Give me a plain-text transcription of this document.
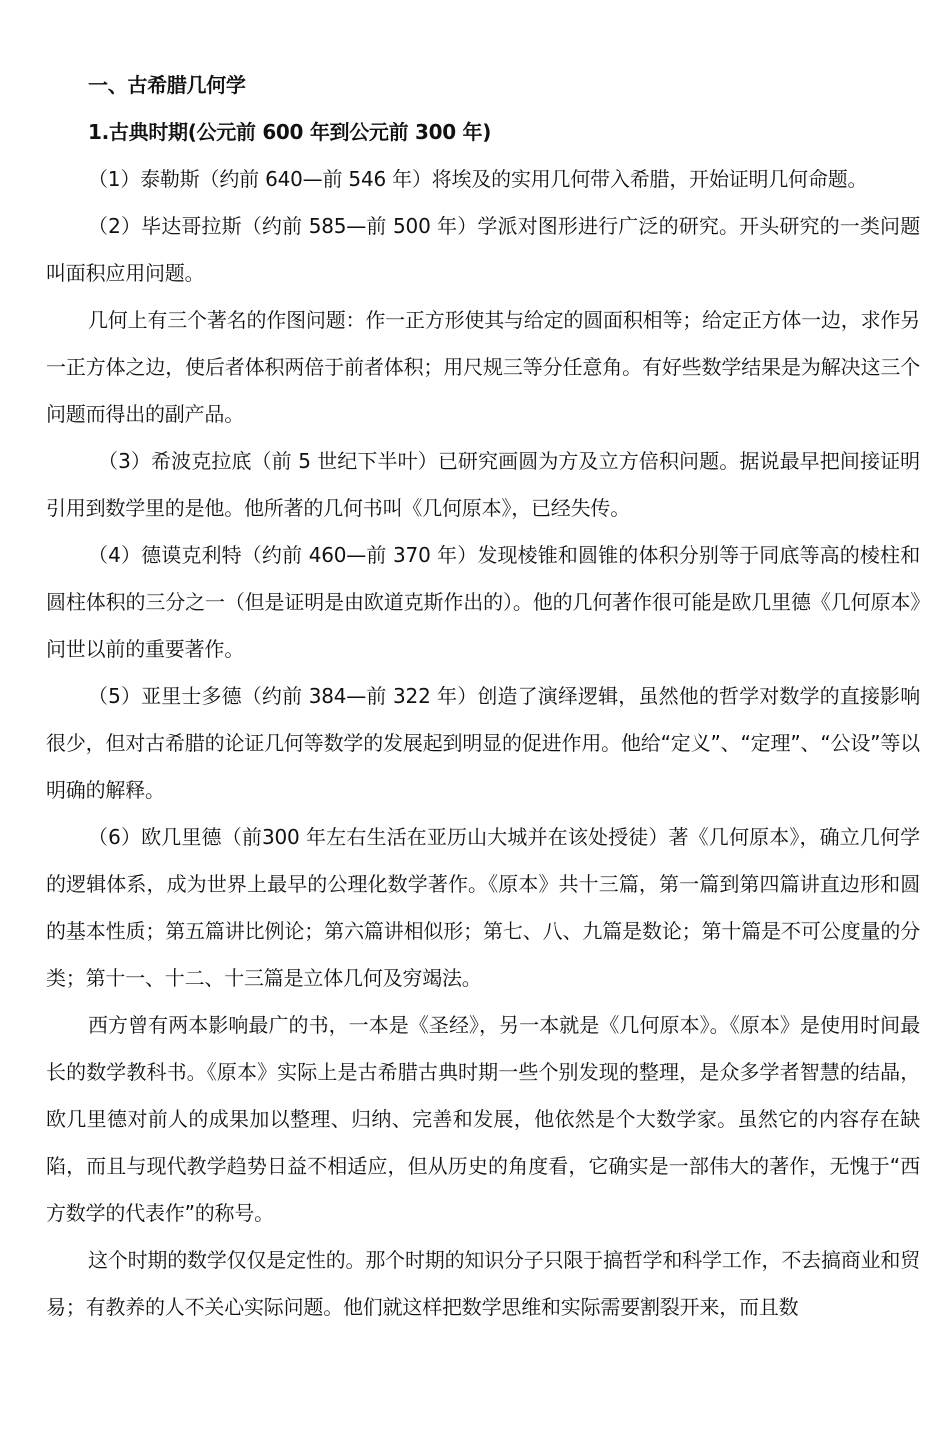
一、古希腊几何学
1.古典时期(公元前 600 年到公元前 300 年)

（1）泰勒斯（约前 640—前 546 年）将埃及的实用几何带入希腊，开始证明几何命题。

（2）毕达哥拉斯（约前 585—前 500 年）学派对图形进行广泛的研究。开头研究的一类问题叫面积应用问题。

几何上有三个著名的作图问题：作一正方形使其与给定的圆面积相等；给定正方体一边，求作另一正方体之边，使后者体积两倍于前者体积；用尺规三等分任意角。有好些数学结果是为解决这三个问题而得出的副产品。

（3）希波克拉底（前 5 世纪下半叶）已研究画圆为方及立方倍积问题。据说最早把间接证明引用到数学里的是他。他所著的几何书叫《几何原本》，已经失传。

（4）德谟克利特（约前 460—前 370 年）发现棱锥和圆锥的体积分别等于同底等高的棱柱和圆柱体积的三分之一（但是证明是由欧道克斯作出的）。他的几何著作很可能是欧几里德《几何原本》问世以前的重要著作。

（5）亚里士多德（约前 384—前 322 年）创造了演绎逻辑，虽然他的哲学对数学的直接影响很少，但对古希腊的论证几何等数学的发展起到明显的促进作用。他给“定义”、“定理”、“公设”等以明确的解释。

（6）欧几里德（前300 年左右生活在亚历山大城并在该处授徒）著《几何原本》，确立几何学的逻辑体系，成为世界上最早的公理化数学著作。《原本》共十三篇，第一篇到第四篇讲直边形和圆的基本性质；第五篇讲比例论；第六篇讲相似形；第七、八、九篇是数论；第十篇是不可公度量的分类；第十一、十二、十三篇是立体几何及穷竭法。

西方曾有两本影响最广的书，一本是《圣经》，另一本就是《几何原本》。《原本》是使用时间最长的数学教科书。《原本》实际上是古希腊古典时期一些个别发现的整理，是众多学者智慧的结晶，欧几里德对前人的成果加以整理、归纳、完善和发展，他依然是个大数学家。虽然它的内容存在缺陷，而且与现代教学趋势日益不相适应，但从历史的角度看，它确实是一部伟大的著作，无愧于“西方数学的代表作”的称号。

这个时期的数学仅仅是定性的。那个时期的知识分子只限于搞哲学和科学工作，不去搞商业和贸易；有教养的人不关心实际问题。他们就这样把数学思维和实际需要割裂开来，而且数
